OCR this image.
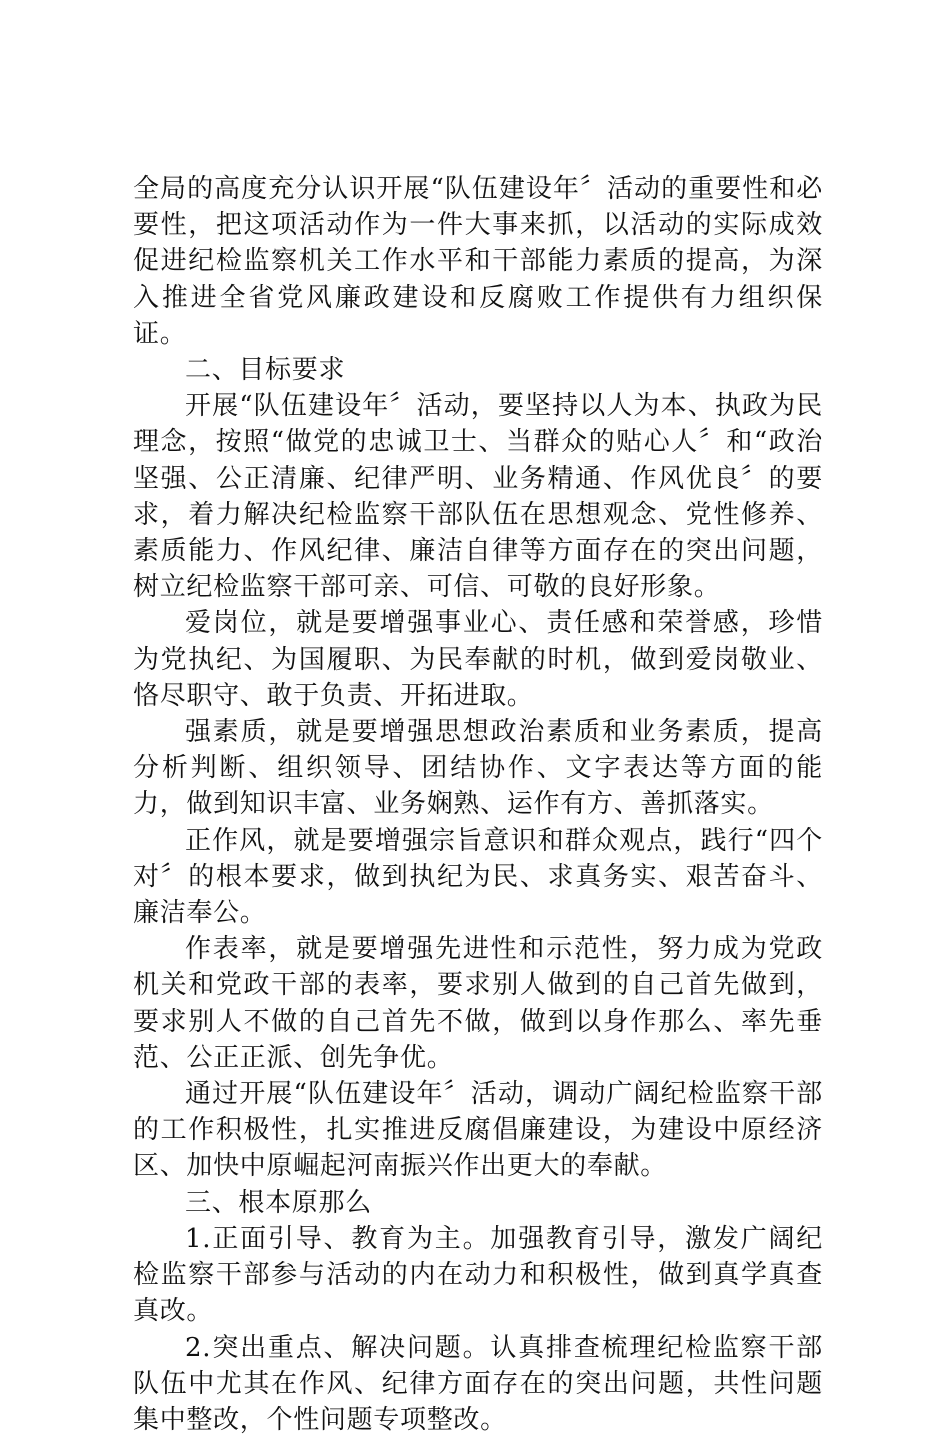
全局的高度充分认识开展“队伍建设年〞活动的重要性和必要性，把这项活动作为一件大事来抓，以活动的实际成效促进纪检监察机关工作水平和干部能力素质的提高，为深入推进全省党风廉政建设和反腐败工作提供有力组织保证。

二、目标要求

开展“队伍建设年〞活动，要坚持以人为本、执政为民理念，按照“做党的忠诚卫士、当群众的贴心人〞和“政治坚强、公正清廉、纪律严明、业务精通、作风优良〞的要求，着力解决纪检监察干部队伍在思想观念、党性修养、素质能力、作风纪律、廉洁自律等方面存在的突出问题，树立纪检监察干部可亲、可信、可敬的良好形象。

爱岗位，就是要增强事业心、责任感和荣誉感，珍惜为党执纪、为国履职、为民奉献的时机，做到爱岗敬业、恪尽职守、敢于负责、开拓进取。

强素质，就是要增强思想政治素质和业务素质，提高分析判断、组织领导、团结协作、文字表达等方面的能力，做到知识丰富、业务娴熟、运作有方、善抓落实。

正作风，就是要增强宗旨意识和群众观点，践行“四个对〞的根本要求，做到执纪为民、求真务实、艰苦奋斗、廉洁奉公。

作表率，就是要增强先进性和示范性，努力成为党政机关和党政干部的表率，要求别人做到的自己首先做到，要求别人不做的自己首先不做，做到以身作那么、率先垂范、公正正派、创先争优。

通过开展“队伍建设年〞活动，调动广阔纪检监察干部的工作积极性，扎实推进反腐倡廉建设，为建设中原经济区、加快中原崛起河南振兴作出更大的奉献。

三、根本原那么

1.正面引导、教育为主。加强教育引导，激发广阔纪检监察干部参与活动的内在动力和积极性，做到真学真查真改。

2.突出重点、解决问题。认真排查梳理纪检监察干部队伍中尤其在作风、纪律方面存在的突出问题，共性问题集中整改，个性问题专项整改。
